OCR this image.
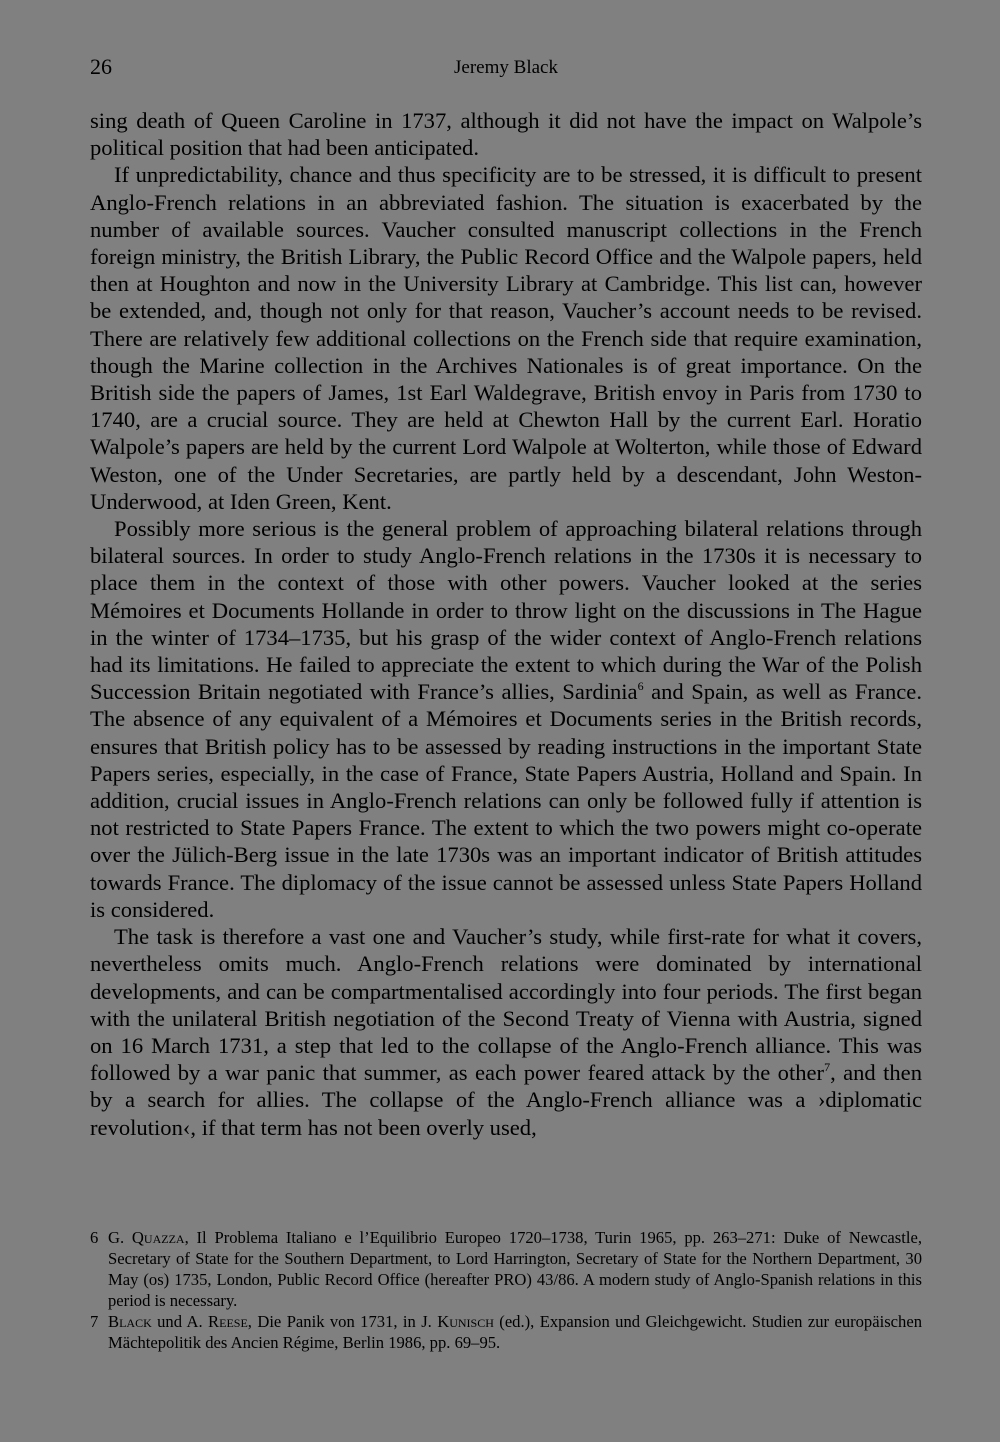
26	Jeremy Black

sing death of Queen Caroline in 1737, although it did not have the impact on Walpole’s political position that had been anticipated.

If unpredictability, chance and thus specificity are to be stressed, it is difficult to present Anglo-French relations in an abbreviated fashion. The situation is exacerbated by the number of available sources. Vaucher consulted manuscript collections in the French foreign ministry, the British Library, the Public Record Office and the Walpole papers, held then at Houghton and now in the University Library at Cambridge. This list can, however be extended, and, though not only for that reason, Vaucher’s account needs to be revised. There are relatively few additional collections on the French side that require examination, though the Marine collection in the Archives Nationales is of great importance. On the British side the papers of James, 1st Earl Waldegrave, British envoy in Paris from 1730 to 1740, are a crucial source. They are held at Chewton Hall by the current Earl. Horatio Walpole’s papers are held by the current Lord Walpole at Wolterton, while those of Edward Weston, one of the Under Secretaries, are partly held by a descendant, John Weston-Underwood, at Iden Green, Kent.

Possibly more serious is the general problem of approaching bilateral relations through bilateral sources. In order to study Anglo-French relations in the 1730s it is necessary to place them in the context of those with other powers. Vaucher looked at the series Mémoires et Documents Hollande in order to throw light on the discussions in The Hague in the winter of 1734–1735, but his grasp of the wider context of Anglo-French relations had its limitations. He failed to appreciate the extent to which during the War of the Polish Succession Britain negotiated with France’s allies, Sardinia$^6$ and Spain, as well as France. The absence of any equivalent of a Mémoires et Documents series in the British records, ensures that British policy has to be assessed by reading instructions in the important State Papers series, especially, in the case of France, State Papers Austria, Holland and Spain. In addition, crucial issues in Anglo-French relations can only be followed fully if attention is not restricted to State Papers France. The extent to which the two powers might co-operate over the Jülich-Berg issue in the late 1730s was an important indicator of British attitudes towards France. The diplomacy of the issue cannot be assessed unless State Papers Holland is considered.

The task is therefore a vast one and Vaucher’s study, while first-rate for what it covers, nevertheless omits much. Anglo-French relations were dominated by international developments, and can be compartmentalised accordingly into four periods. The first began with the unilateral British negotiation of the Second Treaty of Vienna with Austria, signed on 16 March 1731, a step that led to the collapse of the Anglo-French alliance. This was followed by a war panic that summer, as each power feared attack by the other$^7$, and then by a search for allies. The collapse of the Anglo-French alliance was a ›diplomatic revolution‹, if that term has not been overly used,

6 G. Quazza, Il Problema Italiano e l’Equilibrio Europeo 1720–1738, Turin 1965, pp. 263–271: Duke of Newcastle, Secretary of State for the Southern Department, to Lord Harrington, Secretary of State for the Northern Department, 30 May (os) 1735, London, Public Record Office (hereafter PRO) 43/86. A modern study of Anglo-Spanish relations in this period is necessary.

7 Black und A. Reese, Die Panik von 1731, in J. Kunisch (ed.), Expansion und Gleichgewicht. Studien zur europäischen Mächtepolitik des Ancien Régime, Berlin 1986, pp. 69–95.
